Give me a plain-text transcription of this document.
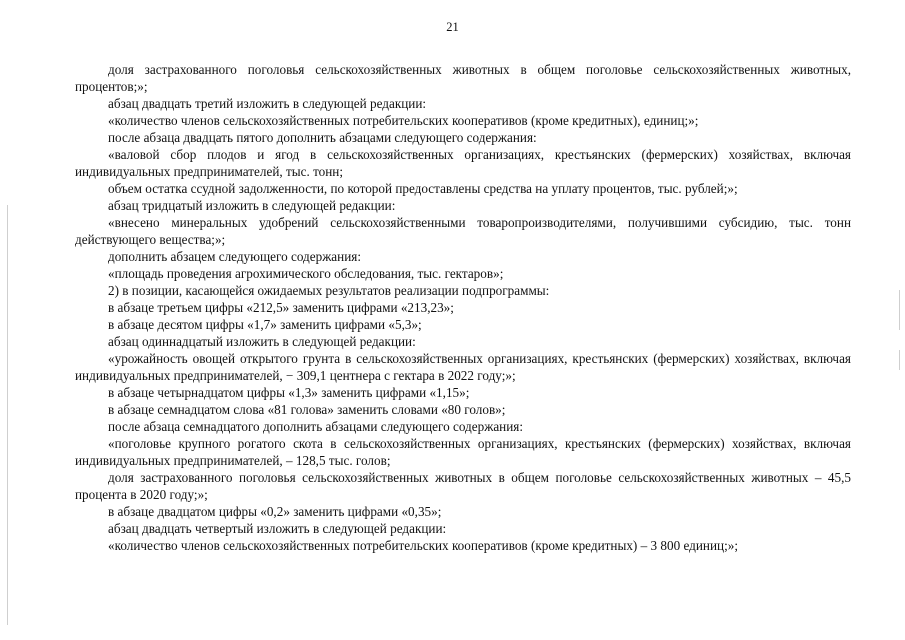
21

доля застрахованного поголовья сельскохозяйственных животных в общем поголовье сельскохозяйственных животных, процентов;»;

абзац двадцать третий изложить в следующей редакции:

«количество членов сельскохозяйственных потребительских кооперативов (кроме кредитных), единиц;»;

после абзаца двадцать пятого дополнить абзацами следующего содержания:

«валовой сбор плодов и ягод в сельскохозяйственных организациях, крестьянских (фермерских) хозяйствах, включая индивидуальных предпринимателей, тыс. тонн;

объем остатка ссудной задолженности, по которой предоставлены средства на уплату процентов, тыс. рублей;»;

абзац тридцатый изложить в следующей редакции:

«внесено минеральных удобрений сельскохозяйственными товаропроизводителями, получившими субсидию, тыс. тонн действующего вещества;»;

дополнить абзацем следующего содержания:

«площадь проведения агрохимического обследования, тыс. гектаров»;

2) в позиции, касающейся ожидаемых результатов реализации подпрограммы:

в абзаце третьем цифры «212,5» заменить цифрами «213,23»;

в абзаце десятом цифры «1,7» заменить цифрами «5,3»;

абзац одиннадцатый изложить в следующей редакции:

«урожайность овощей открытого грунта в сельскохозяйственных организациях, крестьянских (фермерских) хозяйствах, включая индивидуальных предпринимателей, − 309,1 центнера с гектара в 2022 году;»;

в абзаце четырнадцатом цифры «1,3» заменить цифрами «1,15»;

в абзаце семнадцатом слова «81 голова» заменить словами «80 голов»;

после абзаца семнадцатого дополнить абзацами следующего содержания:

«поголовье крупного рогатого скота в сельскохозяйственных организациях, крестьянских (фермерских) хозяйствах, включая индивидуальных предпринимателей, – 128,5 тыс. голов;

доля застрахованного поголовья сельскохозяйственных животных в общем поголовье сельскохозяйственных животных – 45,5 процента в 2020 году;»;

в абзаце двадцатом цифры «0,2» заменить цифрами «0,35»;

абзац двадцать четвертый изложить в следующей редакции:

«количество членов сельскохозяйственных потребительских кооперативов (кроме кредитных) – 3 800 единиц;»;
